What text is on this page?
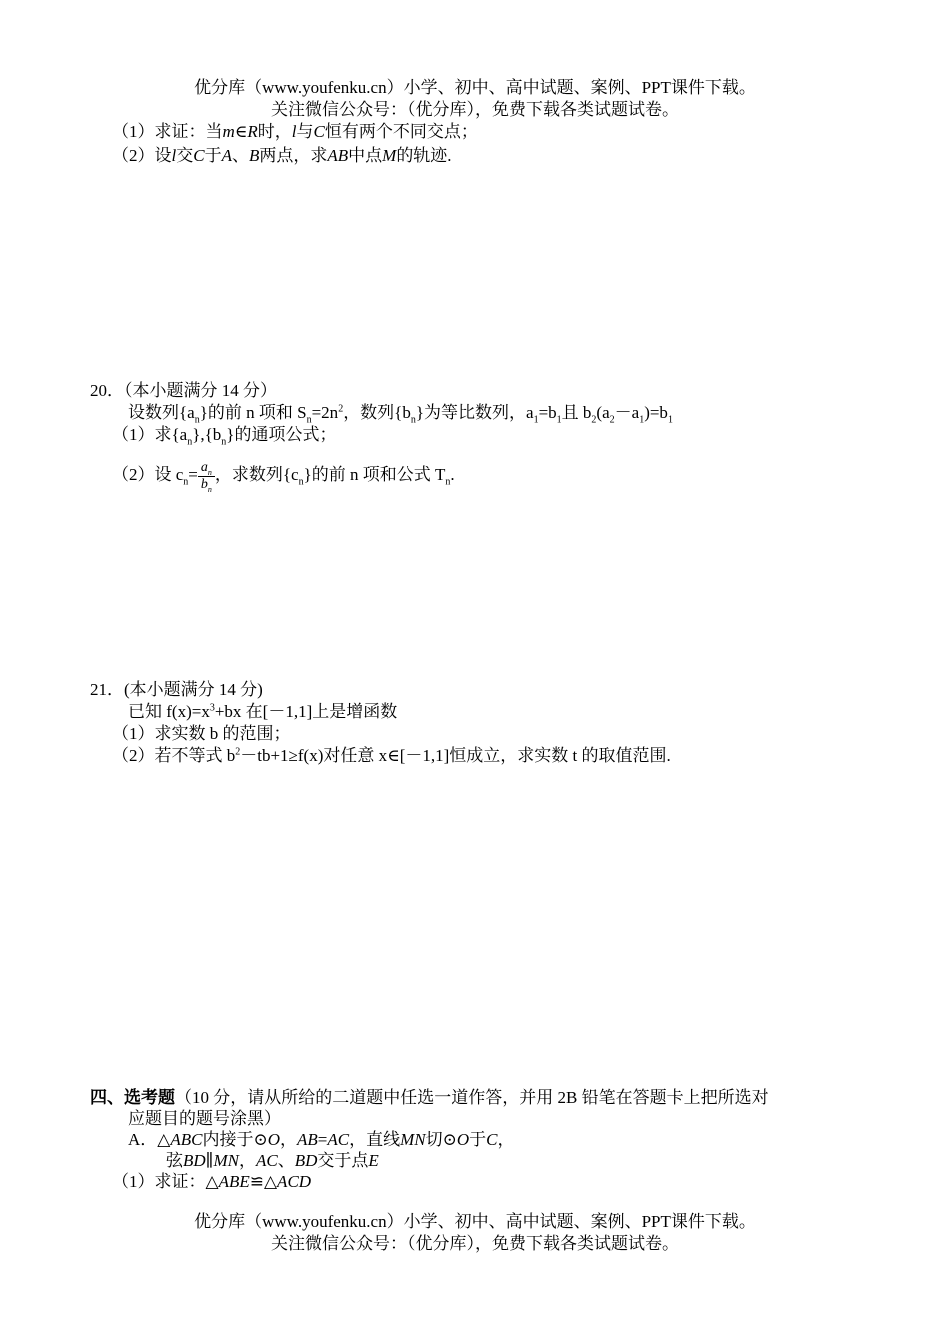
优分库（www.youfenku.cn）小学、初中、高中试题、案例、PPT课件下载。
关注微信公众号：（优分库），免费下载各类试题试卷。
（1）求证：当m∈R时，l与C恒有两个不同交点；
（2）设l交C于A、B两点，求AB中点M的轨迹.
20．（本小题满分 14 分）
设数列$\{a_n\}$的前 n 项和 $S_n=2n^2$，数列$\{b_n\}$为等比数列，$a_1=b_1$且 $b_2(a_2-a_1)=b_1$
（1）求$\{a_n\},\{b_n\}$的通项公式；
（2）设 $c_n= \frac{a_n}{b_n}$ ，求数列$\{c_n\}$的前 n 项和公式 $T_n$.
21．(本小题满分 14 分)
已知 $f(x)=x^3+bx$ 在[－1,1]上是增函数
（1）求实数 b 的范围；
（2）若不等式 $b^2-tb+1\ge f(x)$对任意 x∈[－1,1]恒成立，求实数 t 的取值范围.
四、选考题（10 分，请从所给的二道题中任选一道作答，并用 2B 铅笔在答题卡上把所选对
应题目的题号涂黑）
A．△ABC内接于⊙O，AB=AC，直线MN切⊙O于C，
弦BD∥MN，AC、BD交于点E
（1）求证：△ABE≌△ACD
优分库（www.youfenku.cn）小学、初中、高中试题、案例、PPT课件下载。
关注微信公众号：（优分库），免费下载各类试题试卷。
